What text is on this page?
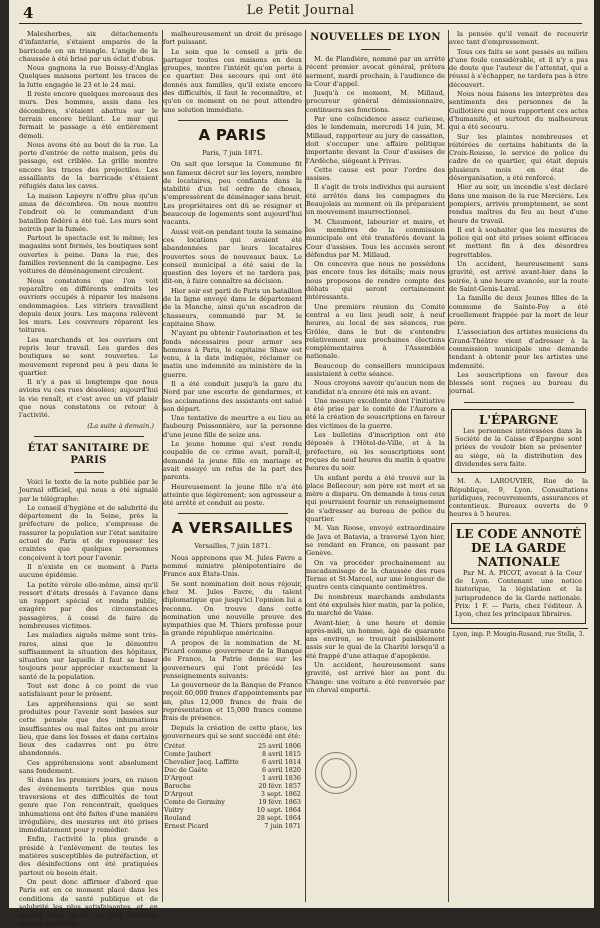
4	Le Petit Journal

Malesherbes, six détachements d'infanterie, s'étaient emparés de la barricade en un triangle. L'angle de la chaussée à été brisé par un éclat d'obus.

Nous gagnons la rue Boissy-d'Anglas Quelques maisons portent les traces de la lutte engagée le 23 et le 24 mai.

Il reste encore quelques morceaux des murs. Des hommes, assis dans les décombres, s'étaient abattus sur le terrain encore brûlant. Le mur qui fermait le passage a été entièrement démoli.

Nous avons été au bout de la rue. La porte d'entrée de cette maison, près du passage, est criblée. La grille montre encore les traces des projectiles. Les assaillants de la barricade s'étaient réfugiés dans les caves.

La maison Lapeyre n'offre plus qu'un amas de décombres. On nous montre l'endroit où le commandant d'un bataillon fédéré a été tué. Les murs sont noircis par la fumée.

Partout le spectacle est le même; les magasins sont fermés, les boutiques sont ouvertes à peine. Dans la rue, des familles reviennent de la campagne. Les voitures de déménagement circulent.

Nous constatons que l'on voit reparaître en différents endroits les ouvriers occupés à réparer les maisons endommagées. Les vitriers travaillent depuis deux jours. Les maçons relèvent les murs. Les couvreurs réparent les toitures.

Les marchands et les ouvriers ont repris leur travail. Les gardes des boutiques se sont rouvertes. Le mouvement reprend peu à peu dans le quartier.

Il n'y a pas si longtemps que nous avions vu ces rues désolées; aujourd'hui la vie renaît, et c'est avec un vif plaisir que nous constatons ce retour à l'activité.

(La suite à demain.)
ÉTAT SANITAIRE DE PARIS

Voici le texte de la note publiée par le Journal officiel, qui nous a été signalé par le télégraphe:

Le conseil d'hygiène et de salubrité du département de la Seine, près la préfecture de police, s'empresse de rassurer la population sur l'état sanitaire actuel de Paris et de repousser les craintes que quelques personnes conçoivent à tort pour l'avenir.

Il n'existe en ce moment à Paris aucune épidémie.

La petite vérole elle-même, ainsi qu'il ressort d'états dressés à l'avance dans un rapport spécial et rendu public, exagère par des circonstances passagères, à cessé de faire de nombreuses victimes.

Les maladies aiguës même sont très-rares, ainsi que le démontre suffisamment la situation des hôpitaux, situation sur laquelle il faut se baser toujours pour apprécier exactement la santé de la population.

Tout est donc à ce point de vue satisfaisant pour le présent.

Les appréhensions qui se sont produites pour l'avenir sont basées sur cette pensée que des inhumations insuffisantes ou mal faites ont pu avoir lieu, que dans les fosses et dans certains lieux des cadavres ont pu être abandonnés.

Ces appréhensions sont absolument sans fondement.

Si dans les premiers jours, en raison des événements terribles que nous traversions et des difficultés de tout genre que l'on rencontrait, quelques inhumations ont été faites d'une manière irrégulière, des mesures ont été prises immédiatement pour y remédier.

Enfin, l'activité la plus grande a présidé à l'enlèvement de toutes les matières susceptibles de putréfaction, et des désinfections ont été pratiquées partout où besoin était.

On peut donc affirmer d'abord que Paris est en ce moment placé dans les conditions de santé publique et de salubrité les plus satisfaisantes, et, en second lieu, qu'on ne doit redouter aucune épidémie.

malheureusement un droit de présage fort puissant.

Le soin que le conseil a pris de partager toutes ces maisons en deux groupes, montre l'intérêt qu'on porte à ce quartier. Des secours qui ont été donnés aux familles, qu'il existe encore des difficultés, il faut le reconnaître, et qu'en ce moment on ne peut attendre une solution immédiate.

A PARIS
Paris, 7 juin 1871.

On sait que lorsque la Commune fit son fameux décret sur les loyers, nombre de locataires, peu confiants dans la stabilité d'un tel ordre de choses, s'empressèrent de déménager sans bruit. Les propriétaires ont dû se résigner et beaucoup de logements sont aujourd'hui vacants.

Aussi voit-on pendant toute la semaine ces locations qui avaient été abandonnées par leurs locataires rouvertes sous de nouveaux baux. Le conseil municipal a été saisi de la question des loyers et ne tardera pas, dit-on, à faire connaître sa décision.

Hier soir est parti de Paris un bataillon de la ligne envoyé dans le département de la Manche, ainsi qu'un escadron de chasseurs, commandé par M. le capitaine Shaw.

N'ayant pu obtenir l'autorisation et les fonds nécessaires pour armer ses hommes à Paris, le capitaine Shaw est venu, à la date indiquée, réclamer ce matin une indemnité au ministère de la guerre.

Il a été conduit jusqu'à la gare du Nord par une escorte de gendarmes, et les acclamations des assistants ont salué son départ.

Une tentative de meurtre a eu lieu au faubourg Poissonnière, sur la personne d'une jeune fille de seize ans.

Le jeune homme qui s'est rendu coupable de ce crime avait, paraît-il, demandé la jeune fille en mariage et avait essuyé un refus de la part des parents.

Heureusement la jeune fille n'a été atteinte que légèrement; son agresseur a été arrêté et conduit au poste.

A VERSAILLES
Versailles, 7 juin 1871.

Nous apprenons que M. Jules Favre a nommé ministre plénipotentiaire de France aux États-Unis.

Se sont nomination doit nous réjouir, chez M. Jules Favre, du talent diplomatique que jusqu'ici l'opinion lui a reconnu. On trouve dans cette nomination une nouvelle preuve des sympathies que M. Thiers professe pour la grande république américaine.

A propos de la nomination de M. Picard comme gouverneur de la Banque de France, la Patrie donne sur les gouverneurs qui l'ont précédé les renseignements suivants:

Le gouverneur de la Banque de France reçoit 60,000 francs d'appointements par an, plus 12,000 francs de frais de représentation et 15,000 francs comme frais de présence.

Depuis la création de cette place, les gouverneurs qui se sont succédé ont été:

Crétet	25 avril 1806
Comte Jaubert	8 avril 1815
Chevalier Jacq. Laffitte	6 avril 1814
Duc de Gaëte	6 avril 1820
D'Argout	1 avril 1836
Baroche	20 févr. 1857
D'Argout	3 sept. 1862
Comte de Germiny	19 févr. 1863
Vuitry	10 sept. 1864
Rouland	28 sept. 1864
Ernest Picard	7 juin 1871
NOUVELLES DE LYON

M. de Plandière, nommé par un arrêté récent premier avocat général, prêtera serment, mardi prochain, à l'audience de la Cour d'appel.

Jusqu'à ce moment, M. Millaud, procureur général démissionnaire, continuera ses fonctions.

Par une coïncidence assez curieuse, dès le lendemain, mercredi 14 juin, M. Millaud, rapporteur au jury de cassation, doit s'occuper une affaire politique importante devant la Cour d'assises de l'Ardèche, siégeant à Privas.

Cette cause est pour l'ordre des assises.

Il s'agit de trois individus qui auraient été arrêtés dans les campagnes du Beaujolais au moment où ils préparaient un mouvement insurrectionnel.

M. Chaumont, labourier et maire, et les membres de la commission municipale ont été transférés devant la Cour d'assises. Tous les accusés seront défendus par M. Millaud.

On concevra que nous ne possédons pas encore tous les détails; mais nous nous proposons de rendre compte des débats qui seront certainement intéressants.

Une première réunion du Comité central a eu lieu jeudi soir, à neuf heures, au local de ses séances, rue Grôlée, dans le but de s'entendre relativement aux prochaines élections complémentaires à l'Assemblée nationale.

Beaucoup de conseillers municipaux assistaient à cette séance.

Nous croyons savoir qu'aucun nom de candidat n'a encore été mis en avant.

Une mesure excellente dont l'initiative a été prise par le comité de l'Aurore a été la création de souscriptions en faveur des victimes de la guerre.

Les bulletins d'inscription ont été déposés à l'Hôtel-de-Ville, et à la préfecture, où les souscriptions sont reçues de neuf heures du matin à quatre heures du soir.

Un enfant perdu a été trouvé sur la place Bellecour; son père est mort et sa mère a disparu. On demande à tous ceux qui pourraient fournir un renseignement de s'adresser au bureau de police du quartier.

M. Van Roose, envoyé extraordinaire de Java et Batavia, a traversé Lyon hier, se rendant en France, en passant par Genève.

On va procéder prochainement au macadamisage de la chaussée des rues Terme et St-Marcel, sur une longueur de quatre cents cinquante centimètres.

De nombreux marchands ambulants ont été expulsés hier matin, par la police, du marché de Vaise.

Avant-hier, à une heure et demie après-midi, un homme, âgé de quarante ans environ, se trouvait paisiblement assis sur le quai de la Charité lorsqu'il a été frappé d'une attaque d'apoplexie.

Un accident, heureusement sans gravité, est arrivé hier au pont du Change: une voiture a été renversée par un cheval emporté.

la pensée qu'il venait de recouvrir avec tant d'empressement.

Tous ces faits se sont passés au milieu d'une foule considérable, et il n'y a pas de doute que l'auteur de l'attentat, qui a réussi à s'échapper, ne tardera pas à être découvert.

Nous nous faisons les interprètes des sentiments des personnes de la Guillotière qui nous rapportent ces actes d'humanité, et surtout du malheureux qui a été secouru.

Sur les plaintes nombreuses et réitérées de certains habitants de la Croix-Rousse, le service de police du cadre de ce quartier, qui était depuis plusieurs mois en état de désorganisation, a été renforcé.

Hier au soir, un incendie s'est déclaré dans une maison de la rue Mercière. Les pompiers, arrivés promptement, se sont rendus maîtres du feu au bout d'une heure de travail.

Il est à souhaiter que les mesures de police qui ont été prises soient efficaces et mettent fin à des désordres regrettables.

Un accident, heureusement sans gravité, est arrivé avant-hier dans la soirée, à une heure avancée, sur la route de Saint-Genis-Laval.

La famille de deux Jeunes filles de la commune de Sainte-Foy a été cruellement frappée par la mort de leur père.

L'association des artistes musiciens du Grand-Théâtre vient d'adresser à la commission municipale une demande tendant à obtenir pour les artistes une indemnité.

Les souscriptions en faveur des blessés sont reçues au bureau du journal.

L'ÉPARGNE

Les personnes intéressées dans la Société de la Caisse d'Épargne sont priées de vouloir bien se présenter au siège, où la distribution des dividendes sera faite.

M. A. LAROUVIER, Rue de la République, 9, Lyon. Consultations juridiques, recouvrements, assurances et contentieux. Bureaux ouverts de 9 heures à 5 heures.

LE CODE ANNOTÉ DE LA GARDE NATIONALE

Par M. A. PICOT, avocat à la Cour de Lyon. Contenant une notice historique, la législation et la jurisprudence de la Garde nationale. Prix: 1 F. — Paris, chez l'éditeur. À Lyon, chez les principaux libraires.

Lyon, imp. P. Mougin-Rusand, rue Stella, 3.
